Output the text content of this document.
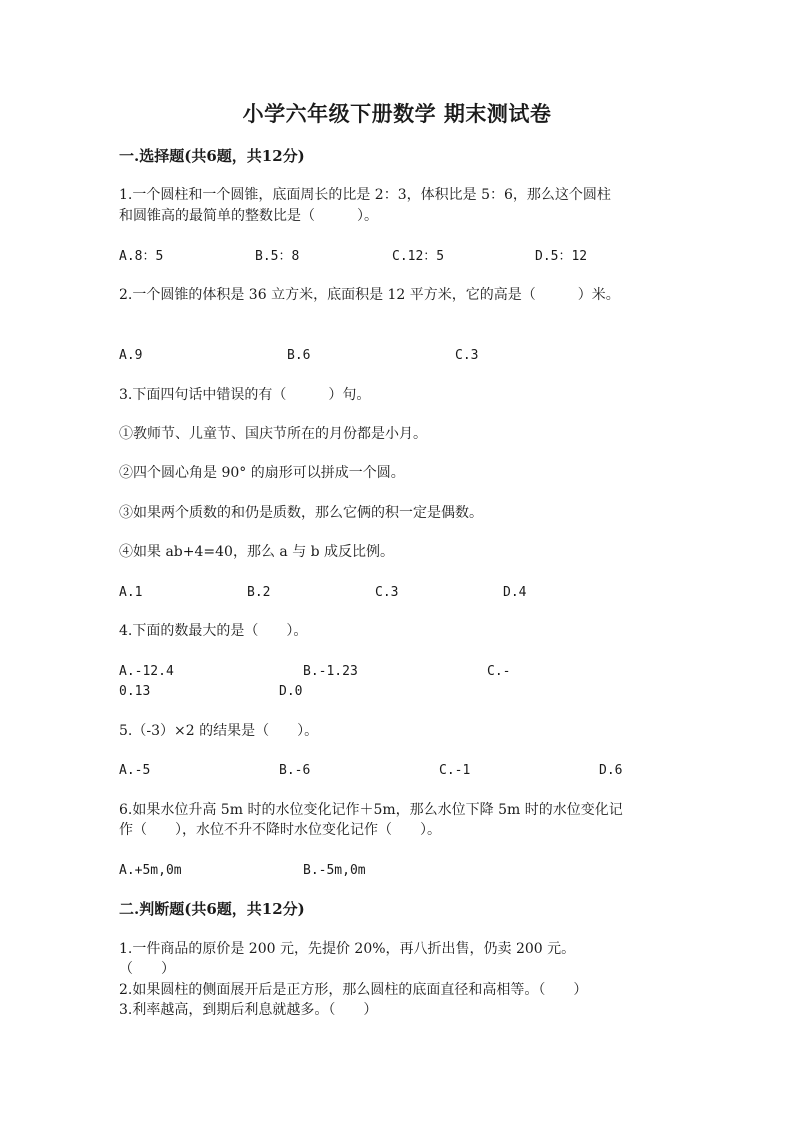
小学六年级下册数学 期末测试卷
一.选择题(共6题，共12分)
1.一个圆柱和一个圆锥，底面周长的比是 2：3，体积比是 5：6，那么这个圆柱
和圆锥高的最简单的整数比是（　　　）。
A.8：5	B.5：8	C.12：5	D.5：12
2.一个圆锥的体积是 36 立方米，底面积是 12 平方米，它的高是（　　　）米。
A.9	B.6	C.3
3.下面四句话中错误的有（　　　）句。
①教师节、儿童节、国庆节所在的月份都是小月。
②四个圆心角是 90° 的扇形可以拼成一个圆。
③如果两个质数的和仍是质数，那么它俩的积一定是偶数。
④如果 ab+4=40，那么 a 与 b 成反比例。
A.1	B.2	C.3	D.4
4.下面的数最大的是（　　）。
A.-12.4	B.-1.23	C.-
0.13	D.0
5.（-3）×2 的结果是（　　）。
A.-5	B.-6	C.-1	D.6
6.如果水位升高 5m 时的水位变化记作＋5m，那么水位下降 5m 时的水位变化记
作（　　），水位不升不降时水位变化记作（　　）。
A.+5m,0m	B.-5m,0m
二.判断题(共6题，共12分)
1.一件商品的原价是 200 元，先提价 20%，再八折出售，仍卖 200 元。
（　　）
2.如果圆柱的侧面展开后是正方形，那么圆柱的底面直径和高相等。（　　）
3.利率越高，到期后利息就越多。（　　）
